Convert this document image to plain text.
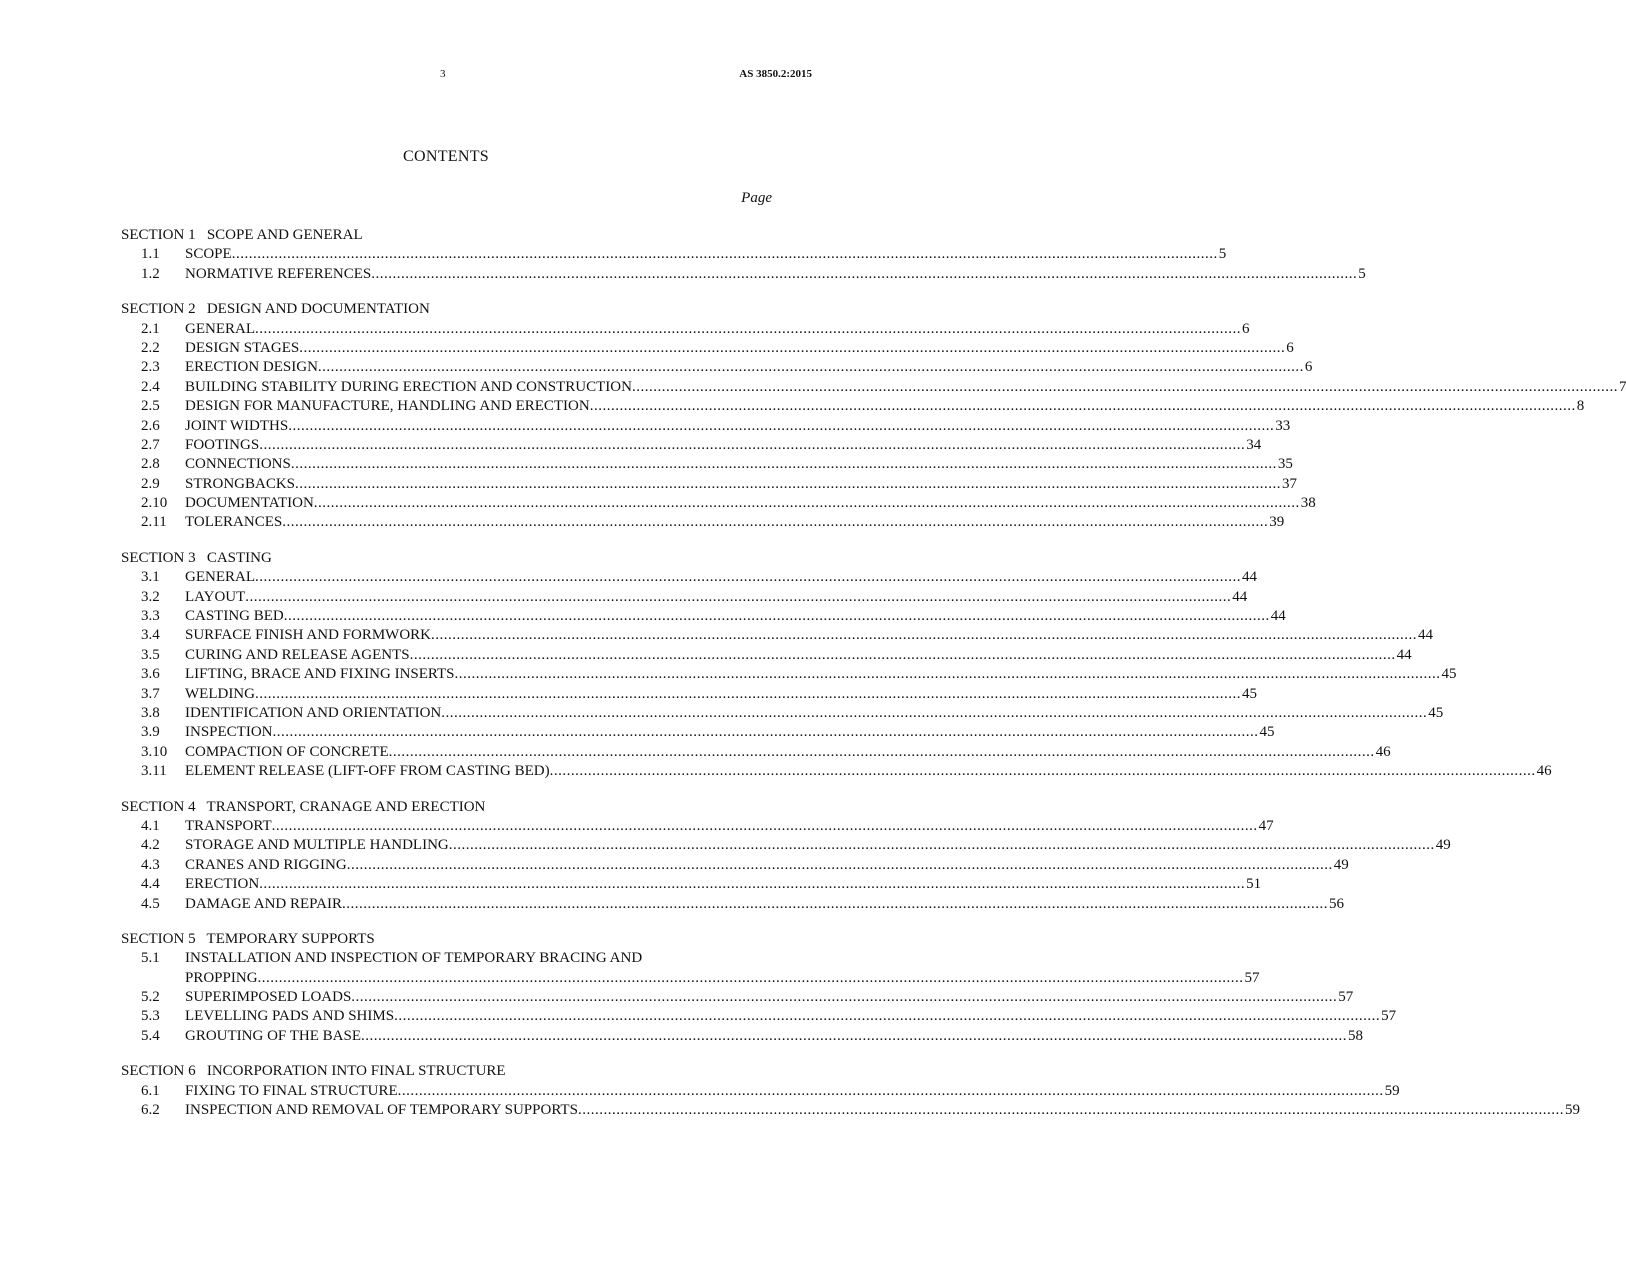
3	AS 3850.2:2015
CONTENTS
Page
SECTION 1   SCOPE AND GENERAL
1.1	SCOPE .....	5
1.2	NORMATIVE REFERENCES .....	5
SECTION 2   DESIGN AND DOCUMENTATION
2.1	GENERAL .....	6
2.2	DESIGN STAGES .....	6
2.3	ERECTION DESIGN .....	6
2.4	BUILDING STABILITY DURING ERECTION AND CONSTRUCTION .....	7
2.5	DESIGN FOR MANUFACTURE, HANDLING AND ERECTION .....	8
2.6	JOINT WIDTHS .....	33
2.7	FOOTINGS .....	34
2.8	CONNECTIONS .....	35
2.9	STRONGBACKS .....	37
2.10	DOCUMENTATION .....	38
2.11	TOLERANCES .....	39
SECTION 3   CASTING
3.1	GENERAL .....	44
3.2	LAYOUT .....	44
3.3	CASTING BED .....	44
3.4	SURFACE FINISH AND FORMWORK .....	44
3.5	CURING AND RELEASE AGENTS .....	44
3.6	LIFTING, BRACE AND FIXING INSERTS .....	45
3.7	WELDING .....	45
3.8	IDENTIFICATION AND ORIENTATION .....	45
3.9	INSPECTION .....	45
3.10	COMPACTION OF CONCRETE .....	46
3.11	ELEMENT RELEASE (LIFT-OFF FROM CASTING BED) .....	46
SECTION 4   TRANSPORT, CRANAGE AND ERECTION
4.1	TRANSPORT .....	47
4.2	STORAGE AND MULTIPLE HANDLING .....	49
4.3	CRANES AND RIGGING .....	49
4.4	ERECTION .....	51
4.5	DAMAGE AND REPAIR .....	56
SECTION 5   TEMPORARY SUPPORTS
5.1	INSTALLATION AND INSPECTION OF TEMPORARY BRACING AND
PROPPING .....	57
5.2	SUPERIMPOSED LOADS .....	57
5.3	LEVELLING PADS AND SHIMS .....	57
5.4	GROUTING OF THE BASE .....	58
SECTION 6   INCORPORATION INTO FINAL STRUCTURE
6.1	FIXING TO FINAL STRUCTURE .....	59
6.2	INSPECTION AND REMOVAL OF TEMPORARY SUPPORTS .....	59
